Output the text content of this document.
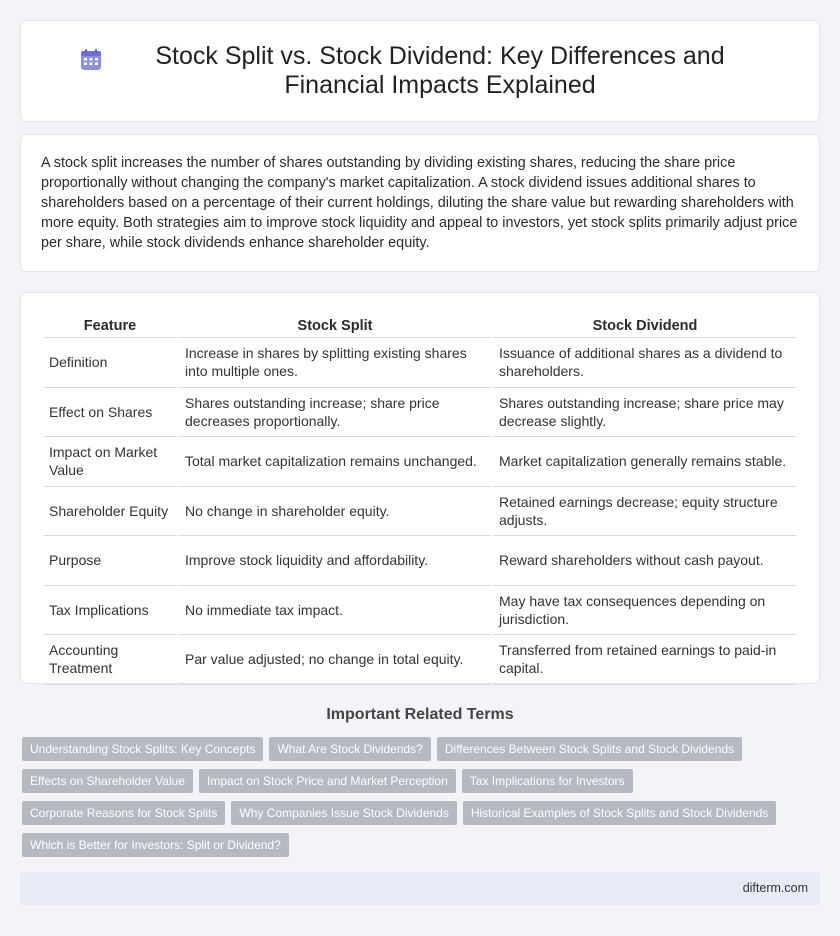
Stock Split vs. Stock Dividend: Key Differences and Financial Impacts Explained

A stock split increases the number of shares outstanding by dividing existing shares, reducing the share price proportionally without changing the company's market capitalization. A stock dividend issues additional shares to shareholders based on a percentage of their current holdings, diluting the share value but rewarding shareholders with more equity. Both strategies aim to improve stock liquidity and appeal to investors, yet stock splits primarily adjust price per share, while stock dividends enhance shareholder equity.

Feature	Stock Split	Stock Dividend
Definition	Increase in shares by splitting existing shares into multiple ones.	Issuance of additional shares as a dividend to shareholders.
Effect on Shares	Shares outstanding increase; share price decreases proportionally.	Shares outstanding increase; share price may decrease slightly.
Impact on Market Value	Total market capitalization remains unchanged.	Market capitalization generally remains stable.
Shareholder Equity	No change in shareholder equity.	Retained earnings decrease; equity structure adjusts.
Purpose	Improve stock liquidity and affordability.	Reward shareholders without cash payout.
Tax Implications	No immediate tax impact.	May have tax consequences depending on jurisdiction.
Accounting Treatment	Par value adjusted; no change in total equity.	Transferred from retained earnings to paid-in capital.
Important Related Terms
Understanding Stock Splits: Key Concepts	What Are Stock Dividends?	Differences Between Stock Splits and Stock Dividends
Effects on Shareholder Value	Impact on Stock Price and Market Perception	Tax Implications for Investors
Corporate Reasons for Stock Splits	Why Companies Issue Stock Dividends	Historical Examples of Stock Splits and Stock Dividends
Which is Better for Investors: Split or Dividend?
difterm.com
